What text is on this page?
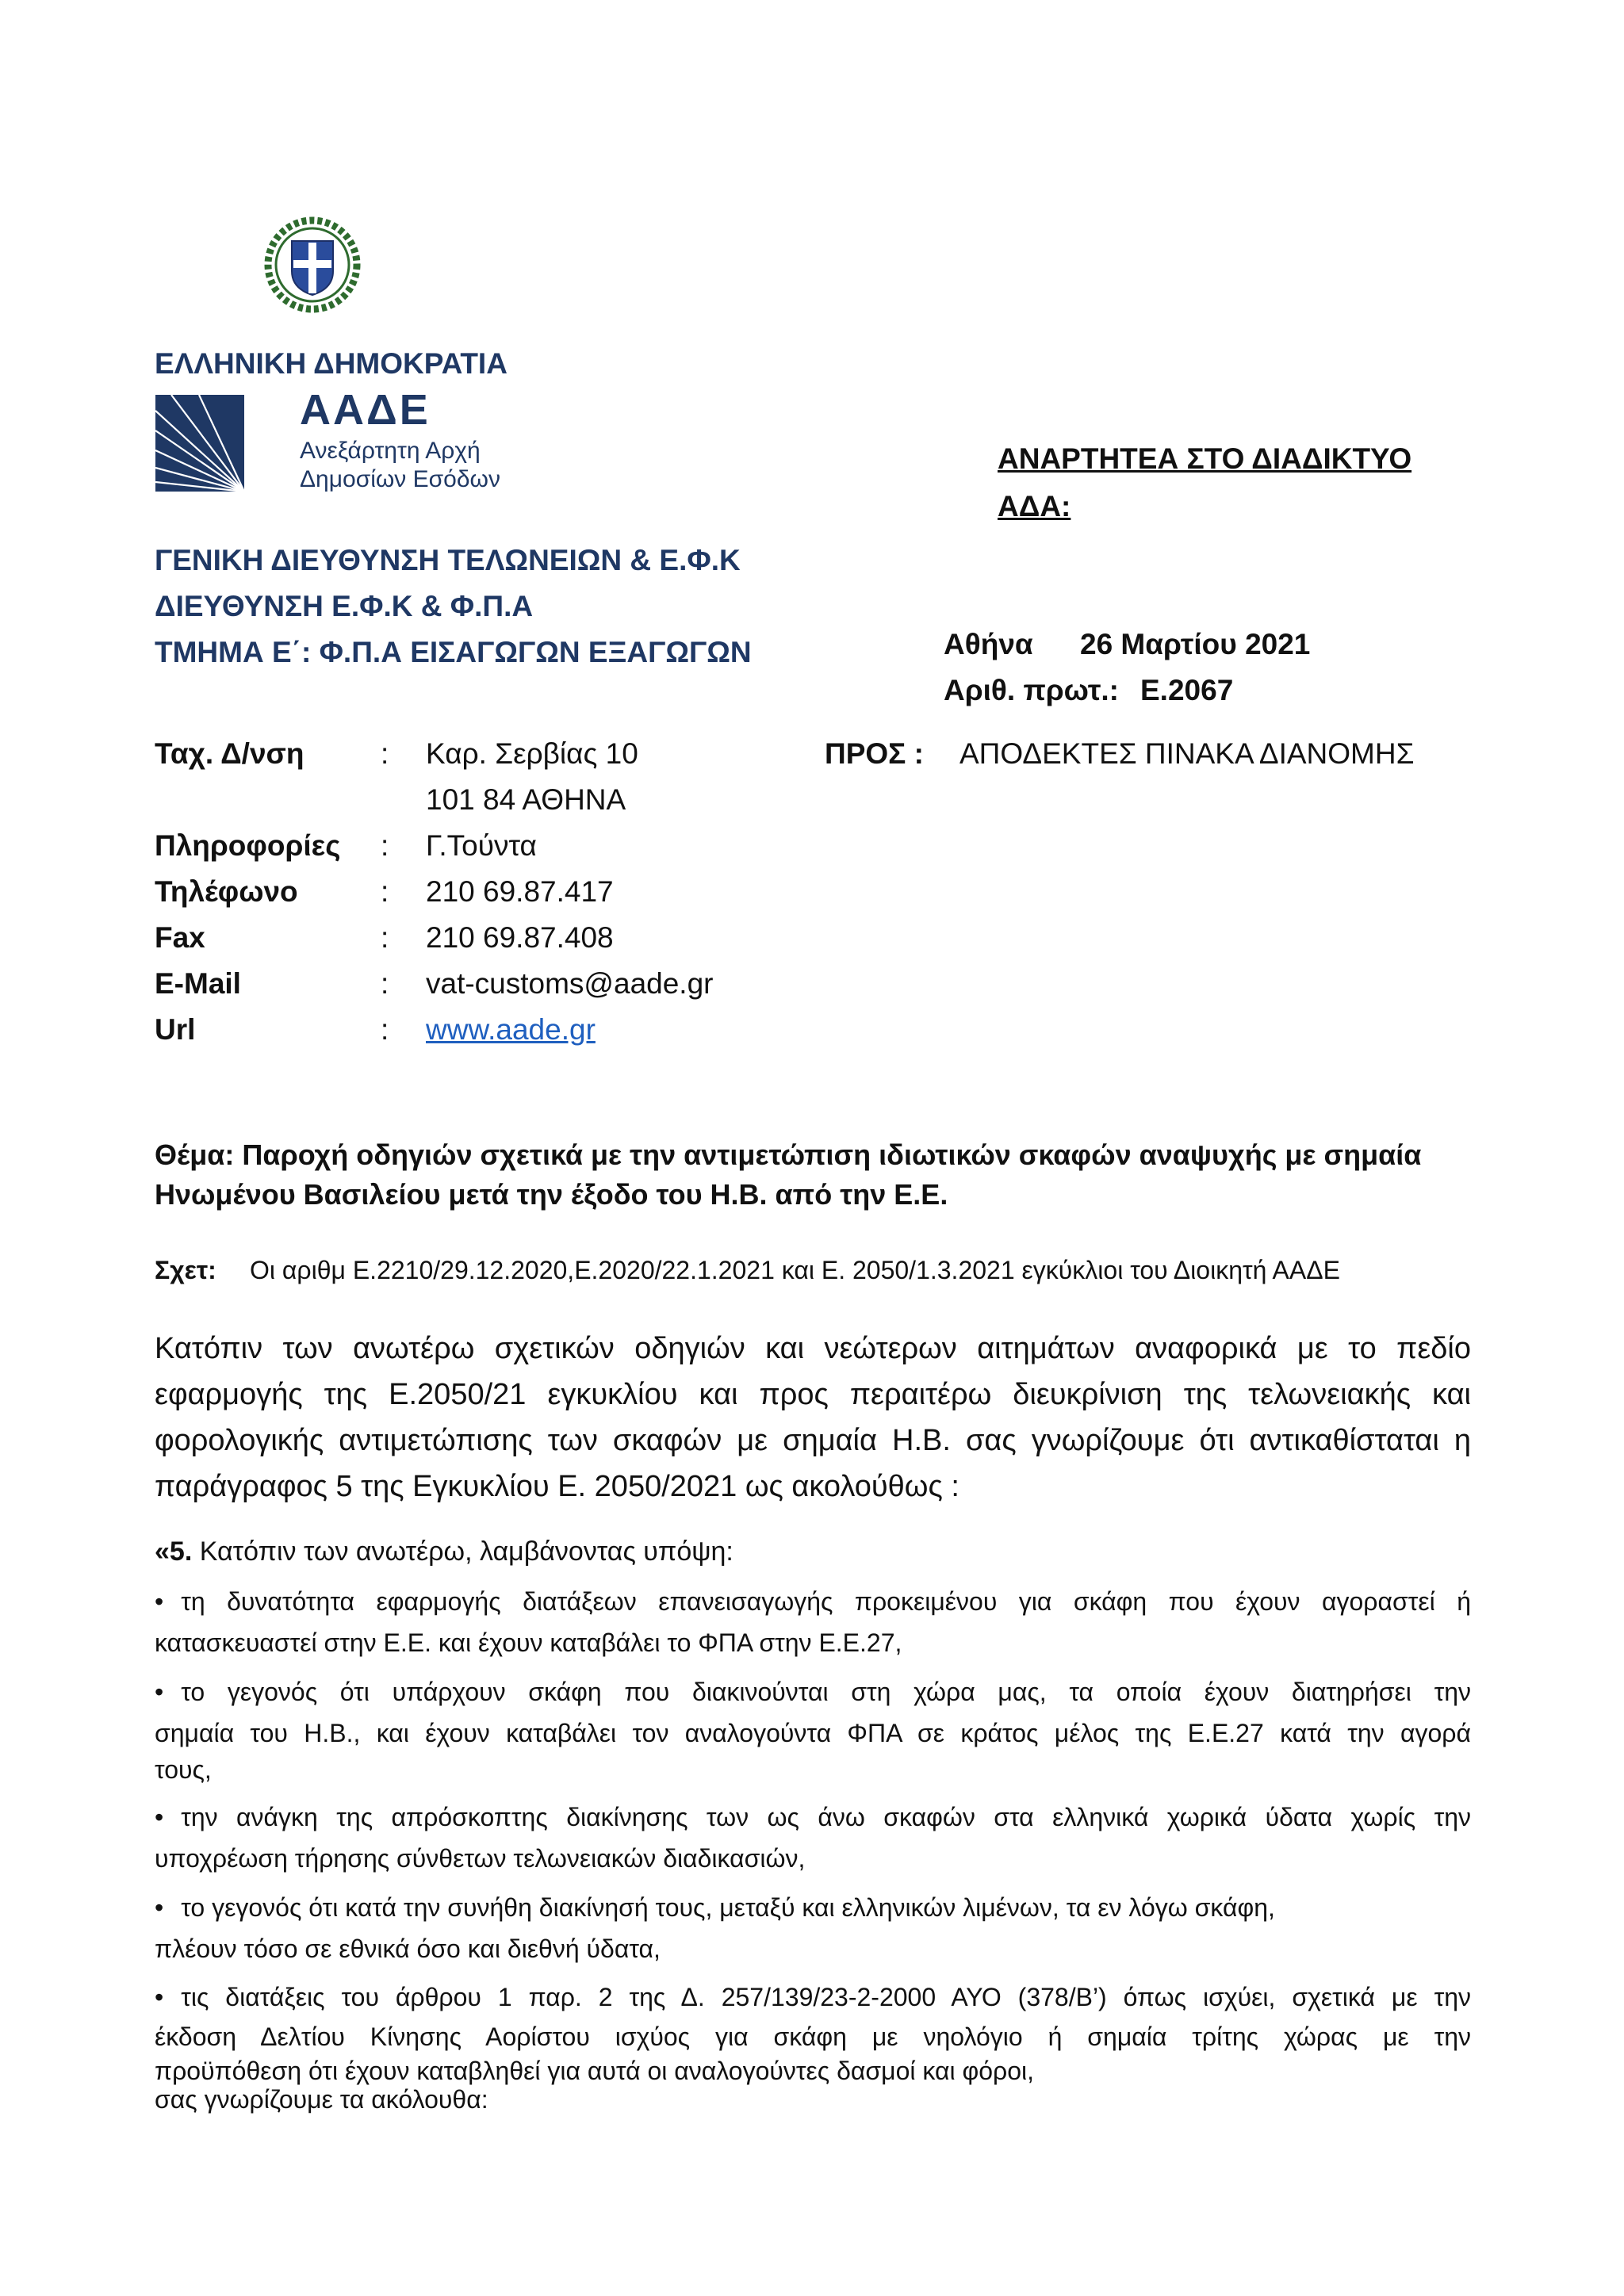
ΕΛΛΗΝΙΚΗ ΔΗΜΟΚΡΑΤΙΑ
ΑΑΔΕ
Ανεξάρτητη Αρχή
Δημοσίων Εσόδων
ΓΕΝΙΚΗ ΔΙΕΥΘΥΝΣΗ ΤΕΛΩΝΕΙΩΝ & Ε.Φ.Κ
ΔΙΕΥΘΥΝΣΗ Ε.Φ.Κ & Φ.Π.Α
ΤΜΗΜΑ Ε΄: Φ.Π.Α ΕΙΣΑΓΩΓΩΝ ΕΞΑΓΩΓΩΝ
ΑΝΑΡΤΗΤΕΑ ΣΤΟ ΔΙΑΔΙΚΤΥΟ
ΑΔΑ:
Αθήνα 26 Μαρτίου 2021
Αριθ. πρωτ.: Ε.2067
ΠΡΟΣ : ΑΠΟΔΕΚΤΕΣ ΠΙΝΑΚΑ ΔΙΑΝΟΜΗΣ
Ταχ. Δ/νση	: Καρ. Σερβίας 10
101 84 ΑΘΗΝΑ
Πληροφορίες : Γ.Τούντα
Τηλέφωνο	: 210 69.87.417
Fax	: 210 69.87.408
E-Mail	: vat-customs@aade.gr
Url	: www.aade.gr
Θέμα: Παροχή οδηγιών σχετικά με την αντιμετώπιση ιδιωτικών σκαφών αναψυχής με σημαία
Ηνωμένου Βασιλείου μετά την έξοδο του Η.Β. από την Ε.Ε.
Σχετ: Οι αριθμ Ε.2210/29.12.2020,Ε.2020/22.1.2021 και Ε. 2050/1.3.2021 εγκύκλιοι του Διοικητή ΑΑΔΕ
Κατόπιν των ανωτέρω σχετικών οδηγιών και νεώτερων αιτημάτων αναφορικά με το πεδίο
εφαρμογής της Ε.2050/21 εγκυκλίου και προς περαιτέρω διευκρίνιση της τελωνειακής και
φορολογικής αντιμετώπισης των σκαφών με σημαία Η.Β. σας γνωρίζουμε ότι αντικαθίσταται η
παράγραφος 5 της Εγκυκλίου Ε. 2050/2021 ως ακολούθως :
«5. Κατόπιν των ανωτέρω, λαμβάνοντας υπόψη:
• τη δυνατότητα εφαρμογής διατάξεων επανεισαγωγής προκειμένου για σκάφη που έχουν αγοραστεί ή
κατασκευαστεί στην Ε.Ε. και έχουν καταβάλει το ΦΠΑ στην Ε.Ε.27,
• το γεγονός ότι υπάρχουν σκάφη που διακινούνται στη χώρα μας, τα οποία έχουν διατηρήσει την
σημαία του Η.Β., και έχουν καταβάλει τον αναλογούντα ΦΠΑ σε κράτος μέλος της Ε.Ε.27 κατά την αγορά
τους,
• την ανάγκη της απρόσκοπτης διακίνησης των ως άνω σκαφών στα ελληνικά χωρικά ύδατα χωρίς την
υποχρέωση τήρησης σύνθετων τελωνειακών διαδικασιών,
• το γεγονός ότι κατά την συνήθη διακίνησή τους, μεταξύ και ελληνικών λιμένων, τα εν λόγω σκάφη,
πλέουν τόσο σε εθνικά όσο και διεθνή ύδατα,
• τις διατάξεις του άρθρου 1 παρ. 2 της Δ. 257/139/23-2-2000 ΑΥΟ (378/Β’) όπως ισχύει, σχετικά με την
έκδοση Δελτίου Κίνησης Αορίστου ισχύος για σκάφη με νηολόγιο ή σημαία τρίτης χώρας με την
προϋπόθεση ότι έχουν καταβληθεί για αυτά οι αναλογούντες δασμοί και φόροι,
σας γνωρίζουμε τα ακόλουθα:
